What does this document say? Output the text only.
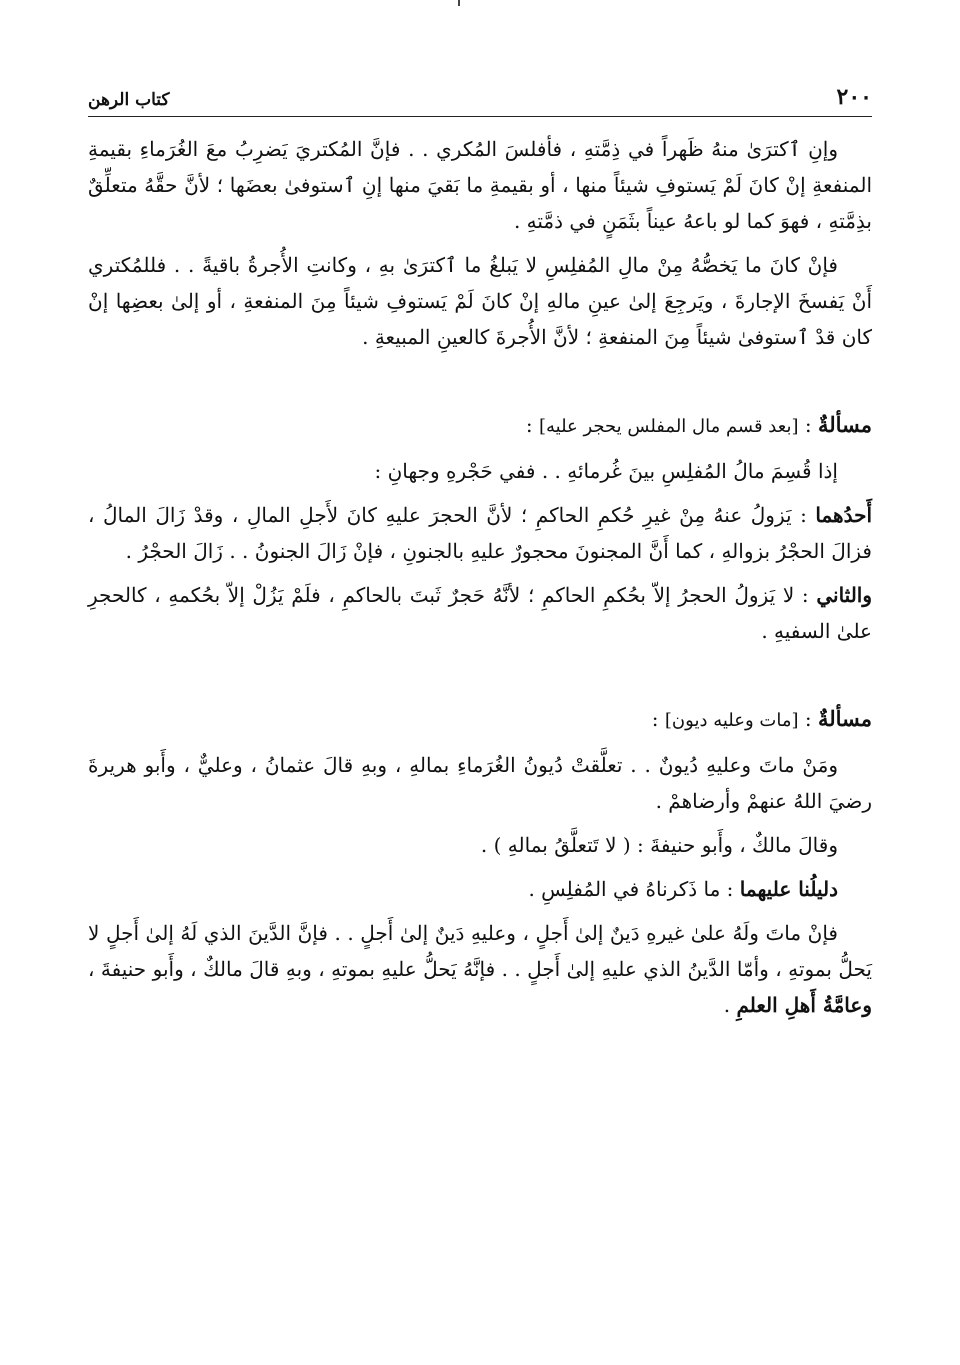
٢٠٠
كتاب الرهن

وإنِ ٱكترَىٰ منهُ ظَهراً في ذِمَّتهِ ، فأفلسَ المُكري . . فإنَّ المُكتريَ يَضرِبُ معَ الغُرَماءِ بقيمةِ المنفعةِ إنْ كانَ لَمْ يَستوفِ شيئاً منها ، أو بقيمةِ ما بَقيَ منها إنِ ٱستوفىٰ بعضَها ؛ لأنَّ حقَّهُ متعلِّقٌ بذِمَّتهِ ، فهوَ كما لو باعهُ عيناً بثَمَنٍ في ذمَّتهِ .

فإنْ كانَ ما يَخصُّهُ مِنْ مالِ المُفلِسِ لا يَبلغُ ما ٱكترَىٰ بهِ ، وكانتِ الأُجرةُ باقيةً . . فللمُكتري أَنْ يَفسخَ الإجارةَ ، ويَرجِعَ إلىٰ عينِ مالهِ إنْ كانَ لَمْ يَستوفِ شيئاً مِنَ المنفعةِ ، أو إلىٰ بعضِها إنْ كان قدْ ٱستوفىٰ شيئاً مِنَ المنفعةِ ؛ لأنَّ الأُجرةَ كالعينِ المبيعةِ .

مسألةٌ : [بعد قسم مال المفلس يحجر عليه] :

إذا قُسِمَ مالُ المُفلِسِ بينَ غُرمائهِ . . ففي حَجْرهِ وجهانِ :

أَحدُهما : يَزولُ عنهُ مِنْ غيرِ حُكمِ الحاكمِ ؛ لأنَّ الحجرَ عليهِ كانَ لأَجلِ المالِ ، وقدْ زَالَ المالُ ، فزالَ الحجْرُ بزوالهِ ، كما أَنَّ المجنونَ محجورٌ عليهِ بالجنونِ ، فإنْ زَالَ الجنونُ . . زَالَ الحجْرُ .

والثاني : لا يَزولُ الحجرُ إلاّ بحُكمِ الحاكمِ ؛ لأنَّهُ حَجرٌ ثَبتَ بالحاكمِ ، فلَمْ يَزُلْ إلاّ بحُكمهِ ، كالحجرِ علىٰ السفيهِ .

مسألةٌ : [مات وعليه ديون] :

ومَنْ ماتَ وعليهِ دُيونٌ . . تعلَّقتْ دُيونُ الغُرَماءِ بمالهِ ، وبهِ قالَ عثمانُ ، وعليٌّ ، وأَبو هريرةَ رضيَ اللهُ عنهمْ وأرضاهمْ .

وقالَ مالكٌ ، وأَبو حنيفةَ : ( لا تَتعلَّقُ بمالهِ ) .

دليلُنا عليهما : ما ذَكرناهُ في المُفلِسِ .

فإنْ ماتَ ولَهُ علىٰ غيرهِ دَينٌ إلىٰ أَجلٍ ، وعليهِ دَينٌ إلىٰ أَجلٍ . . فإنَّ الدَّينَ الذي لَهُ إلىٰ أَجلٍ لا يَحلُّ بموتهِ ، وأمّا الدَّينُ الذي عليهِ إلىٰ أَجلٍ . . فإنَّهُ يَحلُّ عليهِ بموتهِ ، وبهِ قالَ مالكٌ ، وأَبو حنيفةَ ، وعامَّةُ أَهلِ العلمِ .
